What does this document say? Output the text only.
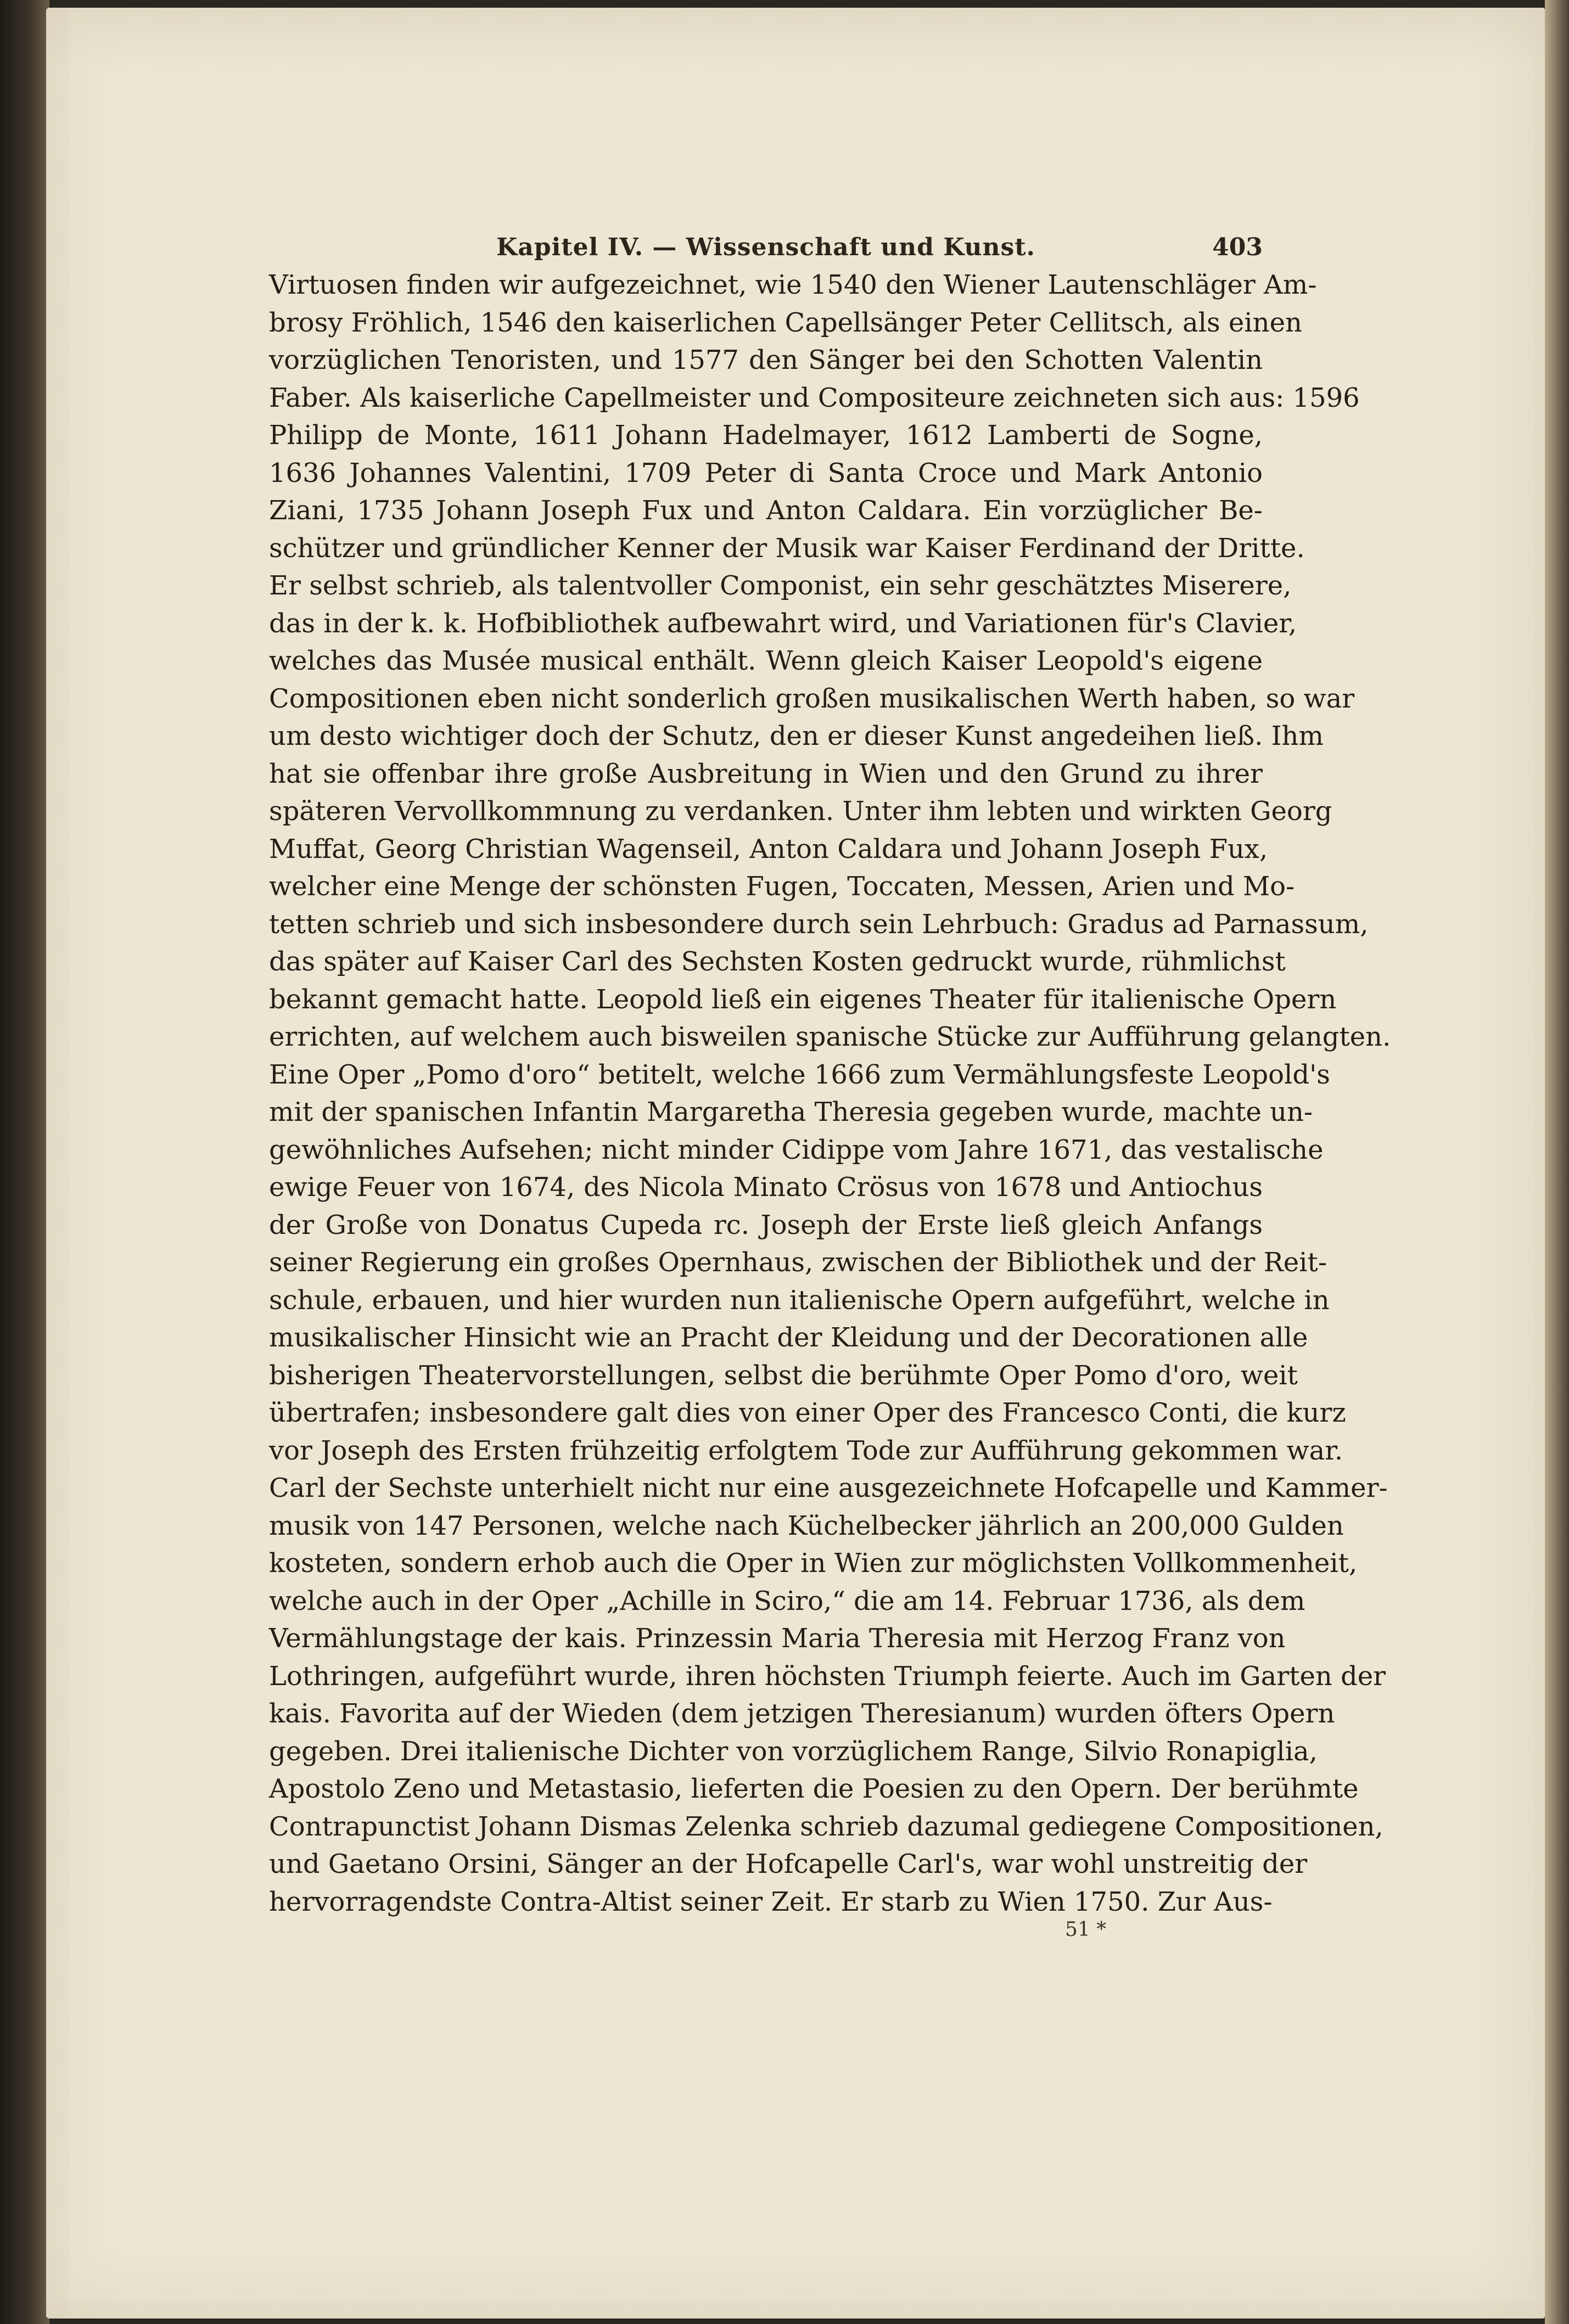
Kapitel IV. — Wissenschaft und Kunst.	403
Virtuosen finden wir aufgezeichnet, wie 1540 den Wiener Lautenschläger Am-
brosy Fröhlich, 1546 den kaiserlichen Capellsänger Peter Cellitsch, als einen
vorzüglichen Tenoristen, und 1577 den Sänger bei den Schotten Valentin
Faber. Als kaiserliche Capellmeister und Compositeure zeichneten sich aus: 1596
Philipp de Monte, 1611 Johann Hadelmayer, 1612 Lamberti de Sogne,
1636 Johannes Valentini, 1709 Peter di Santa Croce und Mark Antonio
Ziani, 1735 Johann Joseph Fux und Anton Caldara. Ein vorzüglicher Be-
schützer und gründlicher Kenner der Musik war Kaiser Ferdinand der Dritte.
Er selbst schrieb, als talentvoller Componist, ein sehr geschätztes Miserere,
das in der k. k. Hofbibliothek aufbewahrt wird, und Variationen für's Clavier,
welches das Musée musical enthält. Wenn gleich Kaiser Leopold's eigene
Compositionen eben nicht sonderlich großen musikalischen Werth haben, so war
um desto wichtiger doch der Schutz, den er dieser Kunst angedeihen ließ. Ihm
hat sie offenbar ihre große Ausbreitung in Wien und den Grund zu ihrer
späteren Vervollkommnung zu verdanken. Unter ihm lebten und wirkten Georg
Muffat, Georg Christian Wagenseil, Anton Caldara und Johann Joseph Fux,
welcher eine Menge der schönsten Fugen, Toccaten, Messen, Arien und Mo-
tetten schrieb und sich insbesondere durch sein Lehrbuch: Gradus ad Parnassum,
das später auf Kaiser Carl des Sechsten Kosten gedruckt wurde, rühmlichst
bekannt gemacht hatte. Leopold ließ ein eigenes Theater für italienische Opern
errichten, auf welchem auch bisweilen spanische Stücke zur Aufführung gelangten.
Eine Oper „Pomo d'oro“ betitelt, welche 1666 zum Vermählungsfeste Leopold's
mit der spanischen Infantin Margaretha Theresia gegeben wurde, machte un-
gewöhnliches Aufsehen; nicht minder Cidippe vom Jahre 1671, das vestalische
ewige Feuer von 1674, des Nicola Minato Crösus von 1678 und Antiochus
der Große von Donatus Cupeda rc. Joseph der Erste ließ gleich Anfangs
seiner Regierung ein großes Opernhaus, zwischen der Bibliothek und der Reit-
schule, erbauen, und hier wurden nun italienische Opern aufgeführt, welche in
musikalischer Hinsicht wie an Pracht der Kleidung und der Decorationen alle
bisherigen Theatervorstellungen, selbst die berühmte Oper Pomo d'oro, weit
übertrafen; insbesondere galt dies von einer Oper des Francesco Conti, die kurz
vor Joseph des Ersten frühzeitig erfolgtem Tode zur Aufführung gekommen war.
Carl der Sechste unterhielt nicht nur eine ausgezeichnete Hofcapelle und Kammer-
musik von 147 Personen, welche nach Küchelbecker jährlich an 200,000 Gulden
kosteten, sondern erhob auch die Oper in Wien zur möglichsten Vollkommenheit,
welche auch in der Oper „Achille in Sciro,“ die am 14. Februar 1736, als dem
Vermählungstage der kais. Prinzessin Maria Theresia mit Herzog Franz von
Lothringen, aufgeführt wurde, ihren höchsten Triumph feierte. Auch im Garten der
kais. Favorita auf der Wieden (dem jetzigen Theresianum) wurden öfters Opern
gegeben. Drei italienische Dichter von vorzüglichem Range, Silvio Ronapiglia,
Apostolo Zeno und Metastasio, lieferten die Poesien zu den Opern. Der berühmte
Contrapunctist Johann Dismas Zelenka schrieb dazumal gediegene Compositionen,
und Gaetano Orsini, Sänger an der Hofcapelle Carl's, war wohl unstreitig der
hervorragendste Contra-Altist seiner Zeit. Er starb zu Wien 1750. Zur Aus-
51 *
